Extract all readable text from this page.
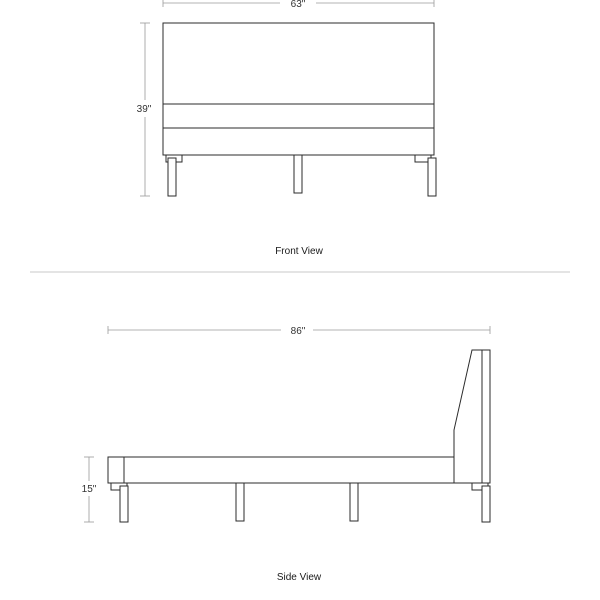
63"
39"
Front View
86"
15"
Side View
